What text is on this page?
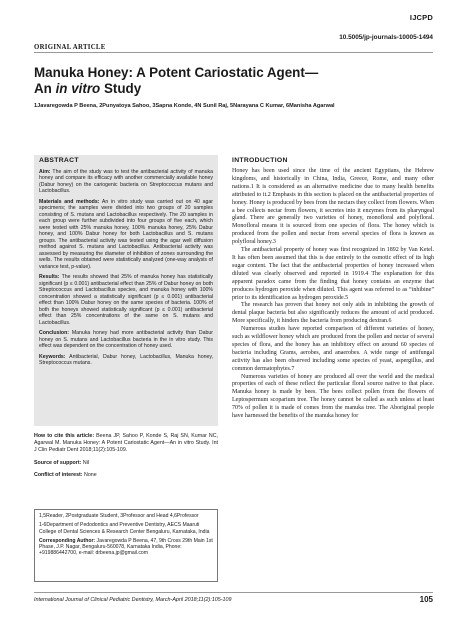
IJCPD
10.5005/jp-journals-10005-1494
ORIGINAL ARTICLE
Manuka Honey: A Potent Cariostatic Agent—
An in vitro Study
1Javaregowda P Beena, 2Punyatoya Sahoo, 3Sapna Konde, 4N Sunil Raj, 5Narayana C Kumar, 6Manisha Agarwal
ABSTRACT

Aim: The aim of the study was to test the antibacterial activity of manuka honey and compare its efficacy with another commercially available honey (Dabur honey) on the cariogenic bacteria on Streptococcus mutans and Lactobacillus.

Materials and methods: An in vitro study was carried out on 40 agar specimens; the samples were divided into two groups of 20 samples consisting of S. mutans and Lactobacillus respectively. The 20 samples in each group were further subdivided into four groups of five each, which were tested with 25% manuka honey, 100% manuka honey, 25% Dabur honey, and 100% Dabur honey for both Lactobacillus and S. mutans groups. The antibacterial activity was tested using the agar well diffusion method against S. mutans and Lactobacillus. Antibacterial activity was assessed by measuring the diameter of inhibition of zones surrounding the wells. The results obtained were statistically analyzed (one-way analysis of variance test, p-value).

Results: The results showed that 25% of manuka honey has statistically significant (p ≤ 0.001) antibacterial effect than 25% of Dabur honey on both Streptococcus and Lactobacillus species, and manuka honey with 100% concentration showed a statistically significant (p ≤ 0.001) antibacterial effect than 100% Dabur honey on the same species of bacteria. 100% of both the honeys showed statistically significant (p ≤ 0.001) antibacterial effect than 25% concentrations of the same on S. mutans and Lactobacillus.

Conclusion: Manuka honey had more antibacterial activity than Dabur honey on S. mutans and Lactobacillus bacteria in the in vitro study. This effect was dependent on the concentration of honey used.

Keywords: Antibacterial, Dabur honey, Lactobacillus, Manuka honey, Streptococcus mutans.

How to cite this article: Beena JP, Sahoo P, Konde S, Raj SN, Kumar NC, Agarwal M. Manuka Honey: A Potent Cariostatic Agent—An in vitro Study. Int J Clin Pediatr Dent 2018;11(2):105-109.

Source of support: Nil

Conflict of interest: None

1,5Reader, 2Postgraduate Student, 3Professor and Head 4,6Professor

1-6Department of Pedodontics and Preventive Dentistry, AECS Maaruti College of Dental Sciences & Research Center Bengaluru, Karnataka, India

Corresponding Author: Javaregowda P Beena, 47, 9th Cross 29th Main 1st Phase, J.P. Nagar, Bengaluru-560078, Karnataka India, Phone: +919886442700, e-mail: drbeena.jp@gmail.com

INTRODUCTION

Honey has been used since the time of the ancient Egyptians, the Hebrew kingdoms, and historically in China, India, Greece, Rome, and many other nations.1 It is considered as an alternative medicine due to many health benefits attributed to it.2 Emphasis in this section is placed on the antibacterial properties of honey. Honey is produced by bees from the nectars they collect from flowers. When a bee collects nectar from flowers, it secretes into it enzymes from its pharyngeal gland. There are generally two varieties of honey, monofloral and polyfloral. Monofloral means it is sourced from one species of flora. The honey which is produced from the pollen and nectar from several species of flora is known as polyfloral honey.3

The antibacterial property of honey was first recognized in 1892 by Van Ketel. It has often been assumed that this is due entirely to the osmotic effect of its high sugar content. The fact that the antibacterial properties of honey increased when diluted was clearly observed and reported in 1919.4 The explanation for this apparent paradox came from the finding that honey contains an enzyme that produces hydrogen peroxide when diluted. This agent was referred to as “inhibine” prior to its identification as hydrogen peroxide.5

The research has proven that honey not only aids in inhibiting the growth of dental plaque bacteria but also significantly reduces the amount of acid produced. More specifically, it hinders the bacteria from producing dextran.6

Numerous studies have reported comparison of different varieties of honey, such as wildflower honey which are produced from the pollen and nectar of several species of flora, and the honey has an inhibitory effect on around 60 species of bacteria including Grams, aerobes, and anaerobes. A wide range of antifungal activity has also been observed including some species of yeast, aspergillus, and common dermatophytes.7

Numerous varieties of honey are produced all over the world and the medical properties of each of these reflect the particular floral source native to that place. Manuka honey is made by bees. The bees collect pollen from the flowers of Leptospermum scoparium tree. The honey cannot be called as such unless at least 70% of pollen it is made of comes from the manuka tree. The Aboriginal people have harnessed the benefits of the manuka honey for

International Journal of Clinical Pediatric Dentistry, March-April 2018;11(2):105-109	105
